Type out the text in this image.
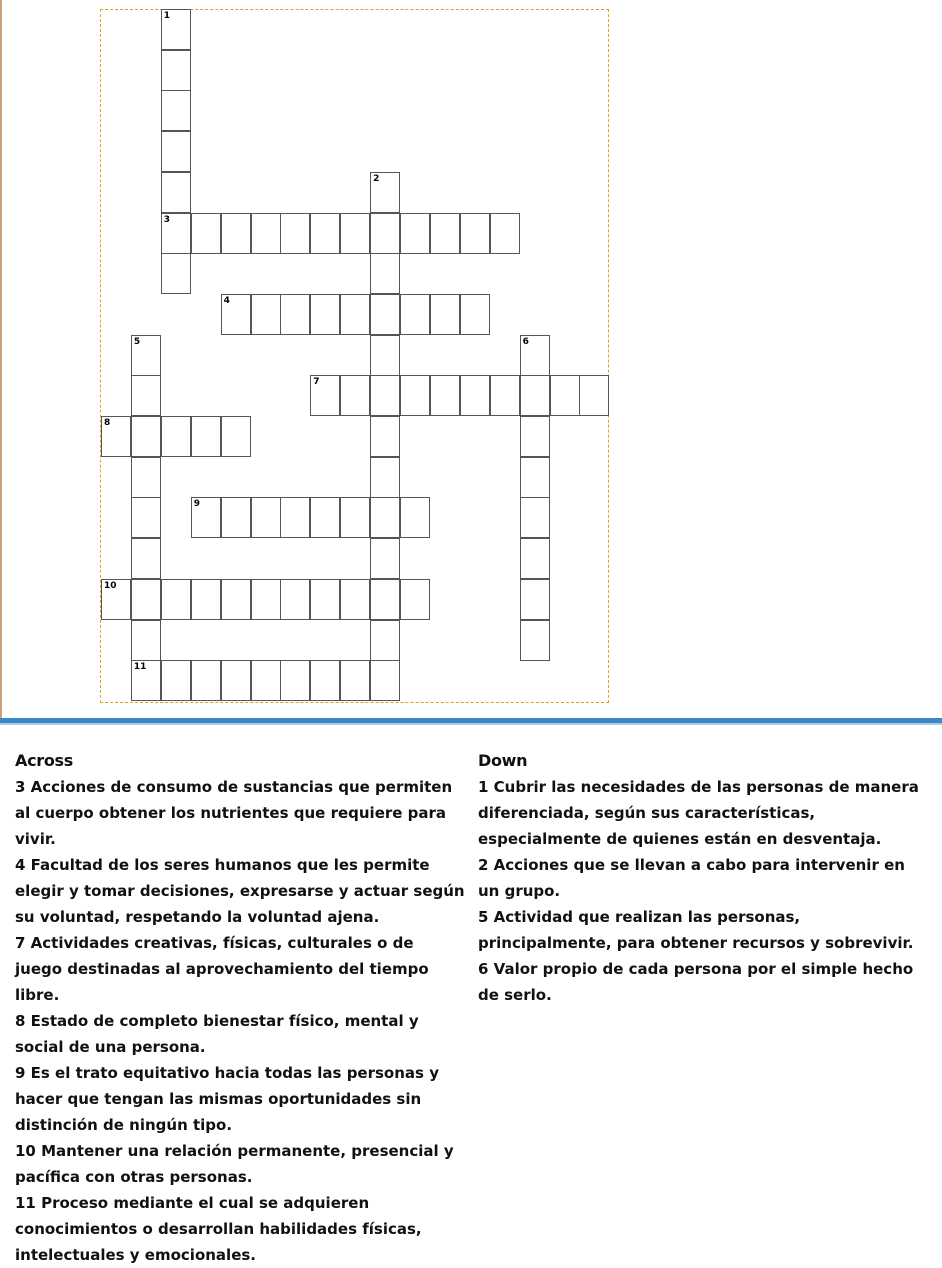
1
3
2
4
5	6
7
8
9
10
11
Across

3 Acciones de consumo de sustancias que permiten al cuerpo obtener los nutrientes que requiere para vivir.

4 Facultad de los seres humanos que les permite elegir y tomar decisiones, expresarse y actuar según su voluntad, respetando la voluntad ajena.

7 Actividades creativas, físicas, culturales o de juego destinadas al aprovechamiento del tiempo libre.

8 Estado de completo bienestar físico, mental y social de una persona.

9 Es el trato equitativo hacia todas las personas y hacer que tengan las mismas oportunidades sin distinción de ningún tipo.

10 Mantener una relación permanente, presencial y pacífica con otras personas.

11 Proceso mediante el cual se adquieren conocimientos o desarrollan habilidades físicas, intelectuales y emocionales.

Down

1 Cubrir las necesidades de las personas de manera diferenciada, según sus características, especialmente de quienes están en desventaja.

2 Acciones que se llevan a cabo para intervenir en un grupo.

5 Actividad que realizan las personas, principalmente, para obtener recursos y sobrevivir.

6 Valor propio de cada persona por el simple hecho de serlo.
